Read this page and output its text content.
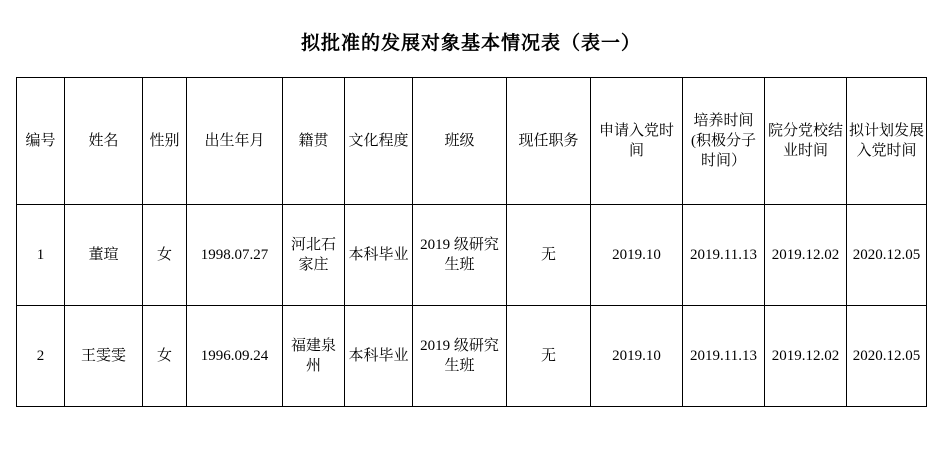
拟批准的发展对象基本情况表（表一）
编号	姓名	性别	出生年月	籍贯	文化程度	班级	现任职务	申请入党时间	培养时间(积极分子时间）	院分党校结业时间	拟计划发展入党时间
1	董瑄	女	1998.07.27	河北石家庄	本科毕业	2019 级研究生班	无	2019.10	2019.11.13	2019.12.02	2020.12.05
2	王雯雯	女	1996.09.24	福建泉州	本科毕业	2019 级研究生班	无	2019.10	2019.11.13	2019.12.02	2020.12.05
